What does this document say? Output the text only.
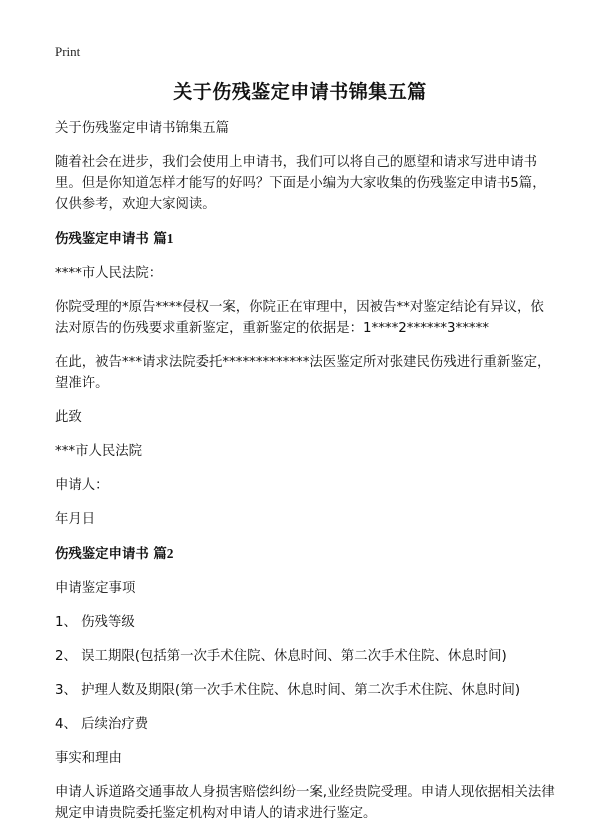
Print
关于伤残鉴定申请书锦集五篇

关于伤残鉴定申请书锦集五篇

随着社会在进步，我们会使用上申请书，我们可以将自己的愿望和请求写进申请书里。但是你知道怎样才能写的好吗？下面是小编为大家收集的伤残鉴定申请书5篇，仅供参考，欢迎大家阅读。

伤残鉴定申请书 篇1

****市人民法院：

你院受理的*原告****侵权一案，你院正在审理中，因被告**对鉴定结论有异议，依法对原告的伤残要求重新鉴定，重新鉴定的依据是：1****2******3*****

在此，被告***请求法院委托*************法医鉴定所对张建民伤残进行重新鉴定，望准许。

此致

***市人民法院

申请人：

年月日

伤残鉴定申请书 篇2

申请鉴定事项

1、 伤残等级

2、 误工期限(包括第一次手术住院、休息时间、第二次手术住院、休息时间)

3、 护理人数及期限(第一次手术住院、休息时间、第二次手术住院、休息时间)

4、 后续治疗费

事实和理由

申请人诉道路交通事故人身损害赔偿纠纷一案,业经贵院受理。申请人现依据相关法律规定申请贵院委托鉴定机构对申请人的请求进行鉴定。
